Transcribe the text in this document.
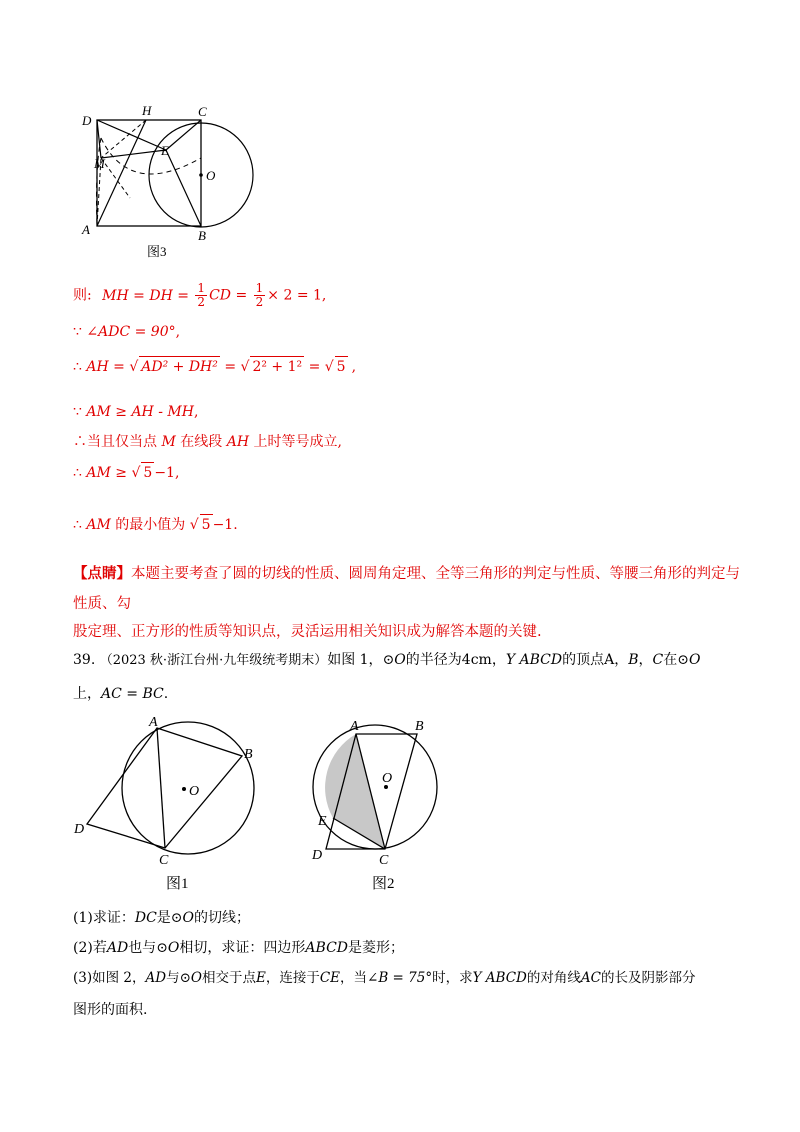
D
H	C
M
E
O
A	B
图3
则: MH = DH = $\frac{1}{2}$ CD = $\frac{1}{2} \times 2 = 1$,
∵ ∠ADC = 90°,
∴ AH = √ AD² + DH² = √ 2² + 1² = √ 5 ,
∵ AM ≥ AH - MH,
∴当且仅当点 M 在线段 AH 上时等号成立,
∴ AM ≥ √ 5 −1,
∴ AM 的最小值为 √ 5 −1.
【点睛】本题主要考查了圆的切线的性质、圆周角定理、全等三角形的判定与性质、等腰三角形的判定与
性质、勾
股定理、正方形的性质等知识点，灵活运用相关知识成为解答本题的关键.
39. （2023 秋·浙江台州·九年级统考期末）如图 1，⊙O的半径为4cm，Y ABCD的顶点A，B，C在⊙O
上，AC = BC.
A
B
O
D
C
图1
A	B
O
E
D	C
图2
(1)求证：DC是⊙O的切线；
(2)若AD也与⊙O相切，求证：四边形ABCD是菱形；
(3)如图 2，AD与⊙O相交于点E，连接于CE，当∠B = 75°时，求Y ABCD的对角线AC的长及阴影部分
图形的面积.
